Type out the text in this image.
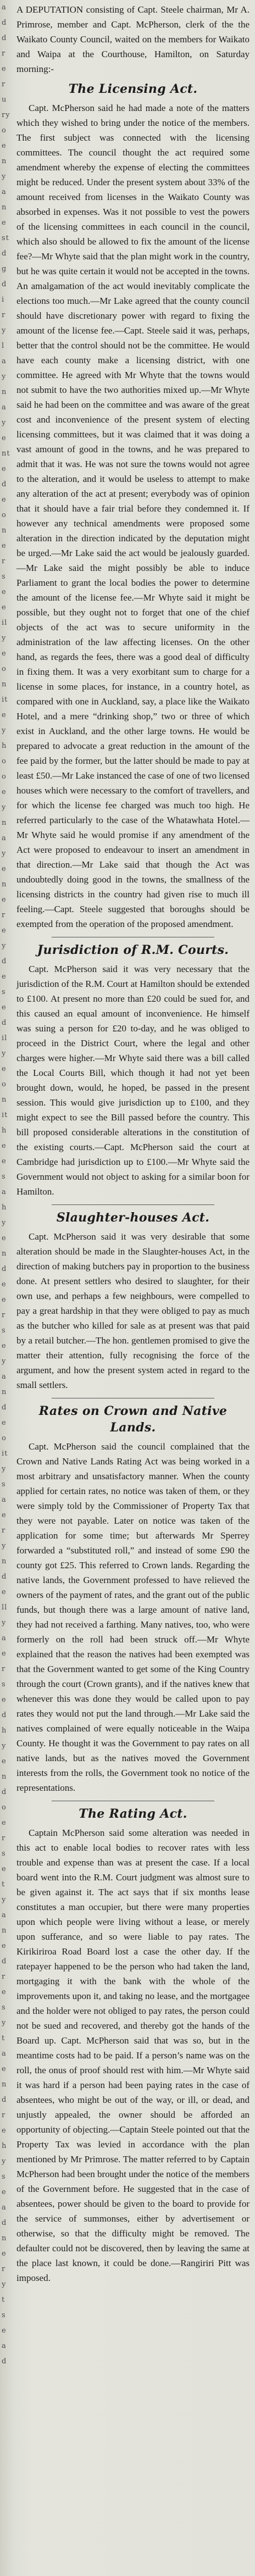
a
d
d
r
e
r
u
ry
o
e
n
y
a
n
e
st
d
g
d
i
r
y
l
a
y
n
a
y
e
nt
e
d
e
o
n
e
r
s
e
e
il
y
e
o
n
it
e
y
h
o
o
e
y
n
a
y
e
n
e
r
e
y
d
e
s
e
d
il
y
e
o
n
it
h
e
e
s
a
h
y
e
n
d
e
e
r
s
e
y
a
n
d
e
o
it
y
s
a
e
r
y
n
d
e
ll
y
a
e
r
s
e
d
h
y
e
n
d
o
e
r
s
e
t
y
a
n
e
d
r
e
s
y
t
a
e
n
d
r
e
h
y
s
e
a
d
n
e
r
y
t
s
e
a
d

A DEPUTATION consisting of Capt. Steele chairman, Mr A. Primrose, member and Capt. McPherson, clerk of the the Waikato County Council, waited on the members for Waikato and Waipa at the Courthouse, Hamilton, on Saturday morning:-

The Licensing Act.

Capt. McPherson said he had made a note of the matters which they wished to bring under the notice of the members. The first subject was connected with the licensing committees. The council thought the act required some amendment whereby the expense of electing the committees might be reduced. Under the present system about 33% of the amount received from licenses in the Waikato County was absorbed in expenses. Was it not possible to vest the powers of the licensing committees in each council in the council, which also should be allowed to fix the amount of the license fee?—Mr Whyte said that the plan might work in the country, but he was quite certain it would not be accepted in the towns. An amalgamation of the act would inevitably complicate the elections too much.—Mr Lake agreed that the county council should have discretionary power with regard to fixing the amount of the license fee.—Capt. Steele said it was, perhaps, better that the control should not be the committee. He would have each county make a licensing district, with one committee. He agreed with Mr Whyte that the towns would not submit to have the two authorities mixed up.—Mr Whyte said he had been on the committee and was aware of the great cost and inconvenience of the present system of electing licensing committees, but it was claimed that it was doing a vast amount of good in the towns, and he was prepared to admit that it was. He was not sure the towns would not agree to the alteration, and it would be useless to attempt to make any alteration of the act at present; everybody was of opinion that it should have a fair trial before they condemned it. If however any technical amendments were proposed some alteration in the direction indicated by the deputation might be urged.—Mr Lake said the act would be jealously guarded.—Mr Lake said the might possibly be able to induce Parliament to grant the local bodies the power to determine the amount of the license fee.—Mr Whyte said it might be possible, but they ought not to forget that one of the chief objects of the act was to secure uniformity in the administration of the law affecting licenses. On the other hand, as regards the fees, there was a good deal of difficulty in fixing them. It was a very exorbitant sum to charge for a license in some places, for instance, in a country hotel, as compared with one in Auckland, say, a place like the Waikato Hotel, and a mere “drinking shop,” two or three of which exist in Auckland, and the other large towns. He would be prepared to advocate a great reduction in the amount of the fee paid by the former, but the latter should be made to pay at least £50.—Mr Lake instanced the case of one of two licensed houses which were necessary to the comfort of travellers, and for which the license fee charged was much too high. He referred particularly to the case of the Whatawhata Hotel.—Mr Whyte said he would promise if any amendment of the Act were proposed to endeavour to insert an amendment in that direction.—Mr Lake said that though the Act was undoubtedly doing good in the towns, the smallness of the licensing districts in the country had given rise to much ill feeling.—Capt. Steele suggested that boroughs should be exempted from the operation of the proposed amendment.

Jurisdiction of R.M. Courts.

Capt. McPherson said it was very necessary that the jurisdiction of the R.M. Court at Hamilton should be extended to £100. At present no more than £20 could be sued for, and this caused an equal amount of inconvenience. He himself was suing a person for £20 to-day, and he was obliged to proceed in the District Court, where the legal and other charges were higher.—Mr Whyte said there was a bill called the Local Courts Bill, which though it had not yet been brought down, would, he hoped, be passed in the present session. This would give jurisdiction up to £100, and they might expect to see the Bill passed before the country. This bill proposed considerable alterations in the constitution of the existing courts.—Capt. McPherson said the court at Cambridge had jurisdiction up to £100.—Mr Whyte said the Government would not object to asking for a similar boon for Hamilton.

Slaughter-houses Act.

Capt. McPherson said it was very desirable that some alteration should be made in the Slaughter-houses Act, in the direction of making butchers pay in proportion to the business done. At present settlers who desired to slaughter, for their own use, and perhaps a few neighbours, were compelled to pay a great hardship in that they were obliged to pay as much as the butcher who killed for sale as at present was that paid by a retail butcher.—The hon. gentlemen promised to give the matter their attention, fully recognising the force of the argument, and how the present system acted in regard to the small settlers.

Rates on Crown and Native Lands.

Capt. McPherson said the council complained that the Crown and Native Lands Rating Act was being worked in a most arbitrary and unsatisfactory manner. When the county applied for certain rates, no notice was taken of them, or they were simply told by the Commissioner of Property Tax that they were not payable. Later on notice was taken of the application for some time; but afterwards Mr Sperrey forwarded a “substituted roll,” and instead of some £90 the county got £25. This referred to Crown lands. Regarding the native lands, the Government professed to have relieved the owners of the payment of rates, and the grant out of the public funds, but though there was a large amount of native land, they had not received a farthing. Many natives, too, who were formerly on the roll had been struck off.—Mr Whyte explained that the reason the natives had been exempted was that the Government wanted to get some of the King Country through the court (Crown grants), and if the natives knew that whenever this was done they would be called upon to pay rates they would not put the land through.—Mr Lake said the natives complained of were equally noticeable in the Waipa County. He thought it was the Government to pay rates on all native lands, but as the natives moved the Government interests from the rolls, the Government took no notice of the representations.

The Rating Act.

Captain McPherson said some alteration was needed in this act to enable local bodies to recover rates with less trouble and expense than was at present the case. If a local board went into the R.M. Court judgment was almost sure to be given against it. The act says that if six months lease constitutes a man occupier, but there were many properties upon which people were living without a lease, or merely upon sufferance, and so were liable to pay rates. The Kirikiriroa Road Board lost a case the other day. If the ratepayer happened to be the person who had taken the land, mortgaging it with the bank with the whole of the improvements upon it, and taking no lease, and the mortgagee and the holder were not obliged to pay rates, the person could not be sued and recovered, and thereby got the hands of the Board up. Capt. McPherson said that was so, but in the meantime costs had to be paid. If a person’s name was on the roll, the onus of proof should rest with him.—Mr Whyte said it was hard if a person had been paying rates in the case of absentees, who might be out of the way, or ill, or dead, and unjustly appealed, the owner should be afforded an opportunity of objecting.—Captain Steele pointed out that the Property Tax was levied in accordance with the plan mentioned by Mr Primrose. The matter referred to by Captain McPherson had been brought under the notice of the members of the Government before. He suggested that in the case of absentees, power should be given to the board to provide for the service of summonses, either by advertisement or otherwise, so that the difficulty might be removed. The defaulter could not be discovered, then by leaving the same at the place last known, it could be done.—Rangiriri Pitt was imposed.
